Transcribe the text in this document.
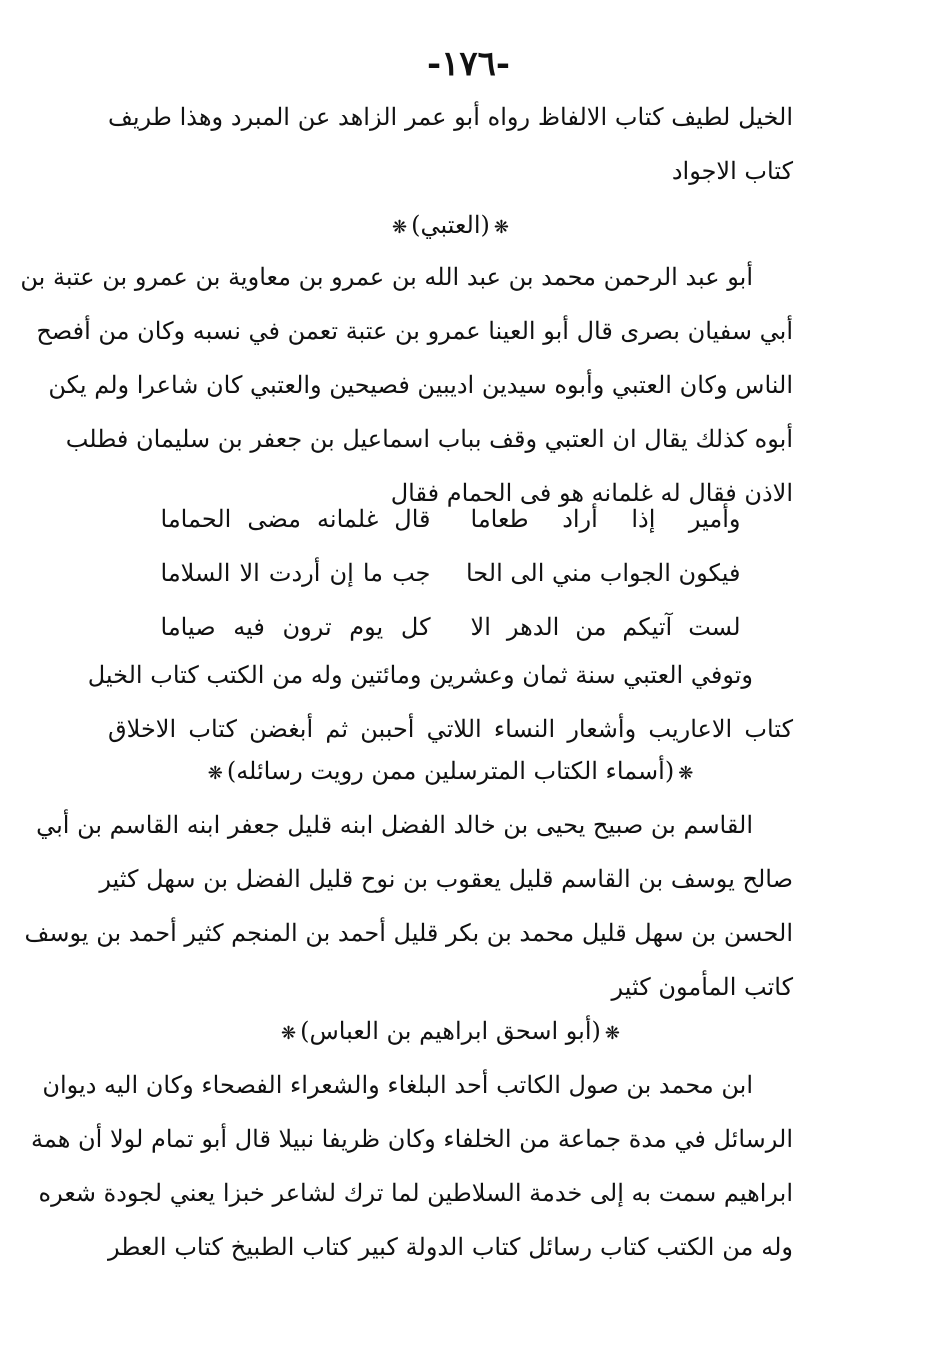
-١٧٦-
الخيل لطيف كتاب الالفاظ رواه أبو عمر الزاهد عن المبرد وهذا طريف
كتاب الاجواد
❋(العتبي)❋
أبو عبد الرحمن محمد بن عبد الله بن عمرو بن معاوية بن عمرو بن عتبة بن
أبي سفيان بصرى قال أبو العينا عمرو بن عتبة تعمن في نسبه وكان من أفصح
الناس وكان العتبي وأبوه سيدين اديبين فصيحين والعتبي كان شاعرا ولم يكن
أبوه كذلك يقال ان العتبي وقف بباب اسماعيل بن جعفر بن سليمان فطلب
الاذن فقال له غلمانه هو فى الحمام فقال
وأمير إذا أراد طعاما
قال غلمانه مضى الحماما
فيكون الجواب مني الى الحا
جب ما إن أردت الا السلاما
لست آتيكم من الدهر الا
كل يوم ترون فيه صياما
وتوفي العتبي سنة ثمان وعشرين ومائتين وله من الكتب كتاب الخيل
كتاب الاعاريب وأشعار النساء اللاتي أحببن ثم أبغضن كتاب الاخلاق
❋(أسماء الكتاب المترسلين ممن رويت رسائله)❋
القاسم بن صبيح يحيى بن خالد الفضل ابنه قليل جعفر ابنه القاسم بن أبي
صالح يوسف بن القاسم قليل يعقوب بن نوح قليل الفضل بن سهل كثير
الحسن بن سهل قليل محمد بن بكر قليل أحمد بن المنجم كثير أحمد بن يوسف
كاتب المأمون كثير
❋(أبو اسحق ابراهيم بن العباس)❋
ابن محمد بن صول الكاتب أحد البلغاء والشعراء الفصحاء وكان اليه ديوان
الرسائل في مدة جماعة من الخلفاء وكان ظريفا نبيلا قال أبو تمام لولا أن همة
ابراهيم سمت به إلى خدمة السلاطين لما ترك لشاعر خبزا يعني لجودة شعره
وله من الكتب كتاب رسائل كتاب الدولة كبير كتاب الطبيخ كتاب العطر
